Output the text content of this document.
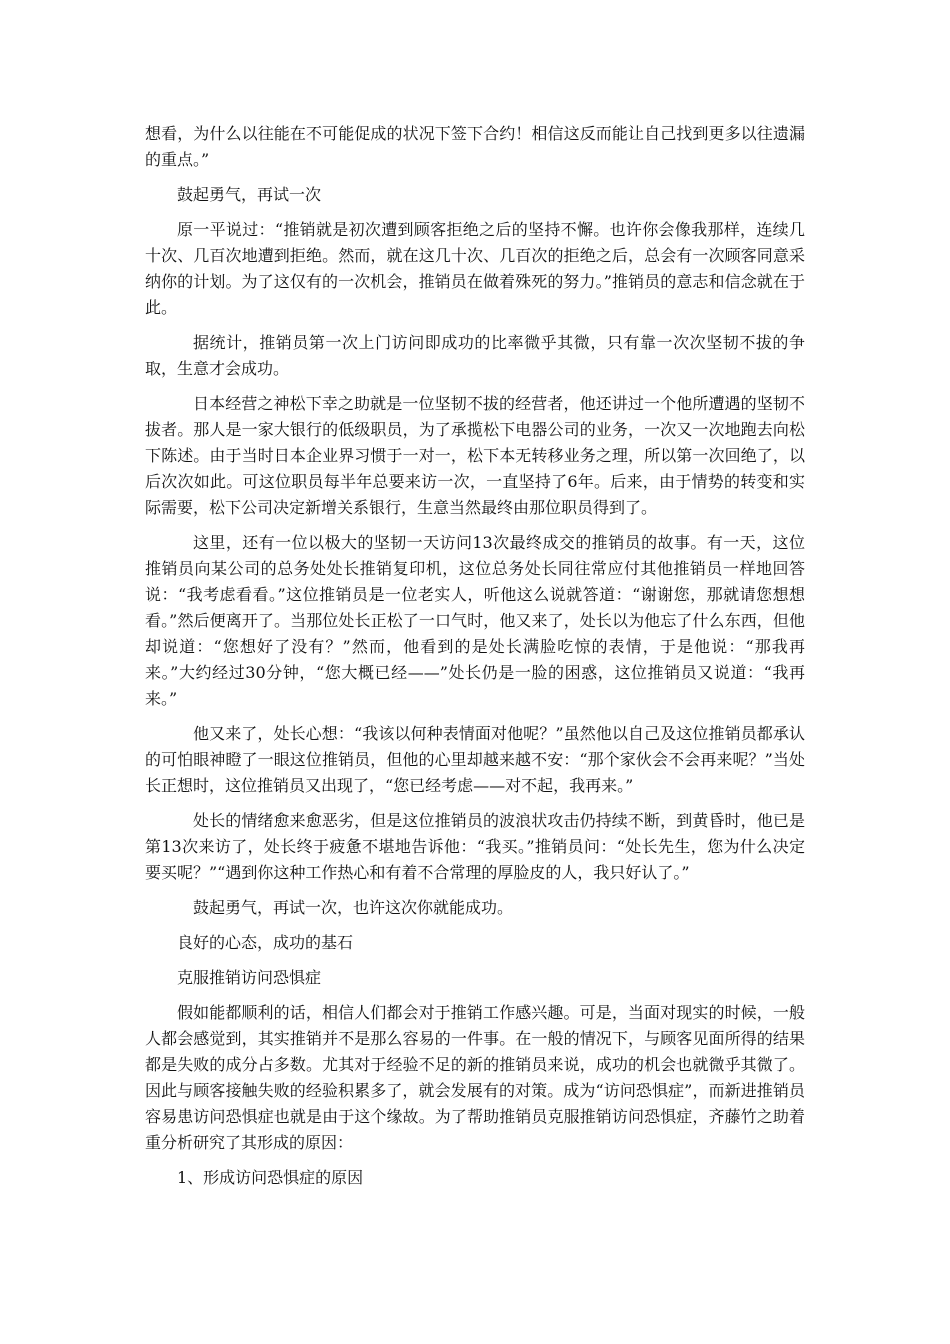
想看，为什么以往能在不可能促成的状况下签下合约！相信这反而能让自己找到更多以往遗漏的重点。”

鼓起勇气，再试一次

原一平说过：“推销就是初次遭到顾客拒绝之后的坚持不懈。也许你会像我那样，连续几十次、几百次地遭到拒绝。然而，就在这几十次、几百次的拒绝之后，总会有一次顾客同意采纳你的计划。为了这仅有的一次机会，推销员在做着殊死的努力。”推销员的意志和信念就在于此。

据统计，推销员第一次上门访问即成功的比率微乎其微，只有靠一次次坚韧不拔的争取，生意才会成功。

日本经营之神松下幸之助就是一位坚韧不拔的经营者，他还讲过一个他所遭遇的坚韧不拔者。那人是一家大银行的低级职员，为了承揽松下电器公司的业务，一次又一次地跑去向松下陈述。由于当时日本企业界习惯于一对一，松下本无转移业务之理，所以第一次回绝了，以后次次如此。可这位职员每半年总要来访一次，一直坚持了6年。后来，由于情势的转变和实际需要，松下公司决定新增关系银行，生意当然最终由那位职员得到了。

这里，还有一位以极大的坚韧一天访问13次最终成交的推销员的故事。有一天，这位推销员向某公司的总务处处长推销复印机，这位总务处长同往常应付其他推销员一样地回答说：“我考虑看看。”这位推销员是一位老实人，听他这么说就答道：“谢谢您，那就请您想想看。”然后便离开了。当那位处长正松了一口气时，他又来了，处长以为他忘了什么东西，但他却说道：“您想好了没有？”然而，他看到的是处长满脸吃惊的表情，于是他说：“那我再来。”大约经过30分钟，“您大概已经——”处长仍是一脸的困惑，这位推销员又说道：“我再来。”

他又来了，处长心想：“我该以何种表情面对他呢？”虽然他以自己及这位推销员都承认的可怕眼神瞪了一眼这位推销员，但他的心里却越来越不安：“那个家伙会不会再来呢？”当处长正想时，这位推销员又出现了，“您已经考虑——对不起，我再来。”

处长的情绪愈来愈恶劣，但是这位推销员的波浪状攻击仍持续不断，到黄昏时，他已是第13次来访了，处长终于疲惫不堪地告诉他：“我买。”推销员问：“处长先生，您为什么决定要买呢？”“遇到你这种工作热心和有着不合常理的厚脸皮的人，我只好认了。”

鼓起勇气，再试一次，也许这次你就能成功。

良好的心态，成功的基石

克服推销访问恐惧症

假如能都顺利的话，相信人们都会对于推销工作感兴趣。可是，当面对现实的时候，一般人都会感觉到，其实推销并不是那么容易的一件事。在一般的情况下，与顾客见面所得的结果都是失败的成分占多数。尤其对于经验不足的新的推销员来说，成功的机会也就微乎其微了。因此与顾客接触失败的经验积累多了，就会发展有的对策。成为“访问恐惧症”，而新进推销员容易患访问恐惧症也就是由于这个缘故。为了帮助推销员克服推销访问恐惧症，齐藤竹之助着重分析研究了其形成的原因：

1、形成访问恐惧症的原因
